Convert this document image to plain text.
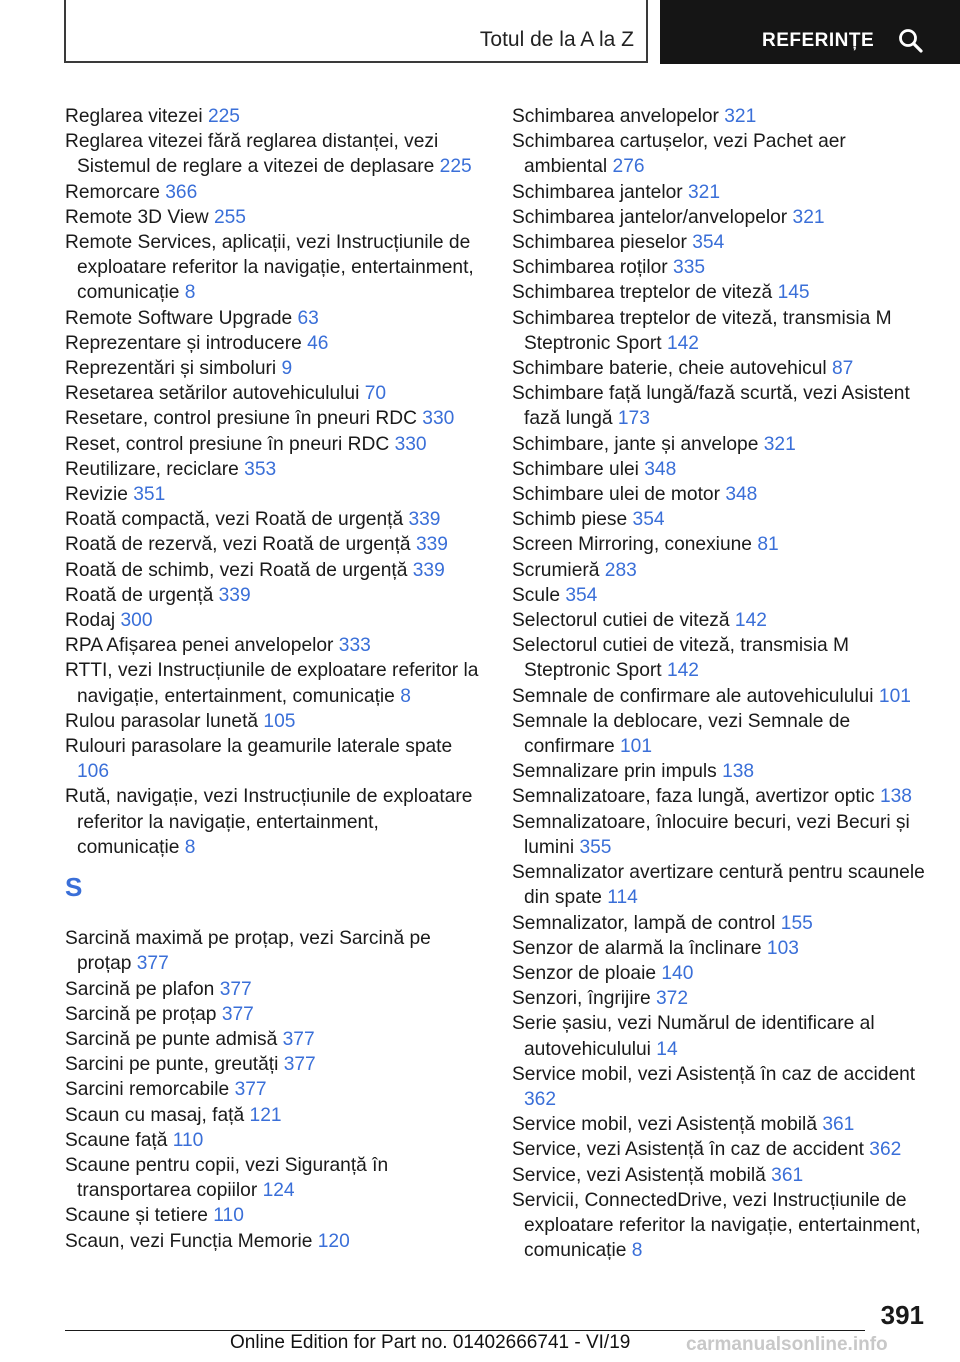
Totul de la A la Z	REFERINȚE
Reglarea vitezei 225
Reglarea vitezei fără reglarea distanței, vezi Sistemul de reglare a vitezei de deplasare 225
Remorcare 366
Remote 3D View 255
Remote Services, aplicații, vezi Instrucțiunile de exploatare referitor la navigație, entertainment, comunicație 8
Remote Software Upgrade 63
Reprezentare și introducere 46
Reprezentări și simboluri 9
Resetarea setărilor autovehiculului 70
Resetare, control presiune în pneuri RDC 330
Reset, control presiune în pneuri RDC 330
Reutilizare, reciclare 353
Revizie 351
Roată compactă, vezi Roată de urgență 339
Roată de rezervă, vezi Roată de urgență 339
Roată de schimb, vezi Roată de urgență 339
Roată de urgență 339
Rodaj 300
RPA Afișarea penei anvelopelor 333
RTTI, vezi Instrucțiunile de exploatare referitor la navigație, entertainment, comunicație 8
Rulou parasolar lunetă 105
Rulouri parasolare la geamurile laterale spate 106
Rută, navigație, vezi Instrucțiunile de exploatare referitor la navigație, entertainment, comunicație 8
S
Sarcină maximă pe proțap, vezi Sarcină pe proțap 377
Sarcină pe plafon 377
Sarcină pe proțap 377
Sarcină pe punte admisă 377
Sarcini pe punte, greutăți 377
Sarcini remorcabile 377
Scaun cu masaj, față 121
Scaune față 110
Scaune pentru copii, vezi Siguranță în transportarea copiilor 124
Scaune și tetiere 110
Scaun, vezi Funcția Memorie 120
Schimbarea anvelopelor 321
Schimbarea cartușelor, vezi Pachet aer ambiental 276
Schimbarea jantelor 321
Schimbarea jantelor/anvelopelor 321
Schimbarea pieselor 354
Schimbarea roților 335
Schimbarea treptelor de viteză 145
Schimbarea treptelor de viteză, transmisia M Steptronic Sport 142
Schimbare baterie, cheie autovehicul 87
Schimbare față lungă/fază scurtă, vezi Asistent fază lungă 173
Schimbare, jante și anvelope 321
Schimbare ulei 348
Schimbare ulei de motor 348
Schimb piese 354
Screen Mirroring, conexiune 81
Scrumieră 283
Scule 354
Selectorul cutiei de viteză 142
Selectorul cutiei de viteză, transmisia M Steptronic Sport 142
Semnale de confirmare ale autovehiculului 101
Semnale la deblocare, vezi Semnale de confirmare 101
Semnalizare prin impuls 138
Semnalizatoare, faza lungă, avertizor optic 138
Semnalizatoare, înlocuire becuri, vezi Becuri și lumini 355
Semnalizator avertizare centură pentru scaunele din spate 114
Semnalizator, lampă de control 155
Senzor de alarmă la înclinare 103
Senzor de ploaie 140
Senzori, îngrijire 372
Serie șasiu, vezi Numărul de identificare al autovehiculului 14
Service mobil, vezi Asistență în caz de accident 362
Service mobil, vezi Asistență mobilă 361
Service, vezi Asistență în caz de accident 362
Service, vezi Asistență mobilă 361
Servicii, ConnectedDrive, vezi Instrucțiunile de exploatare referitor la navigație, entertainment, comunicație 8
391
Online Edition for Part no. 01402666741 - VI/19	carmanualsonline.info
